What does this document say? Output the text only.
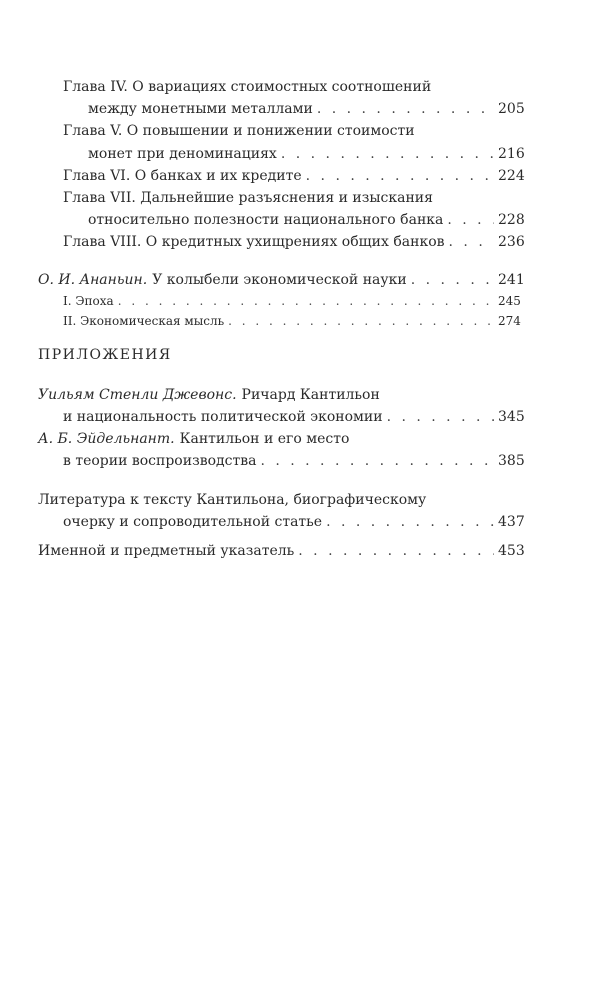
Глава IV. О вариациях стоимостных соотношений
между монетными металлами . . .	205
Глава V. О повышении и понижении стоимости
монет при деноминациях . . .	216
Глава VI. О банках и их кредите . . .	224
Глава VII. Дальнейшие разъяснения и изыскания
относительно полезности национального банка . . .	228
Глава VIII. О кредитных ухищрениях общих банков . . .	236
О. И. Ананьин. У колыбели экономической науки . . .	241
I. Эпоха . . .	245
II. Экономическая мысль . . .	274
ПРИЛОЖЕНИЯ
Уильям Стенли Джевонс. Ричард Кантильон
и национальность политической экономии . . .	345
А. Б. Эйдельнант. Кантильон и его место
в теории воспроизводства . . .	385
Литература к тексту Кантильона, биографическому
очерку и сопроводительной статье . . .	437
Именной и предметный указатель . . .	453
